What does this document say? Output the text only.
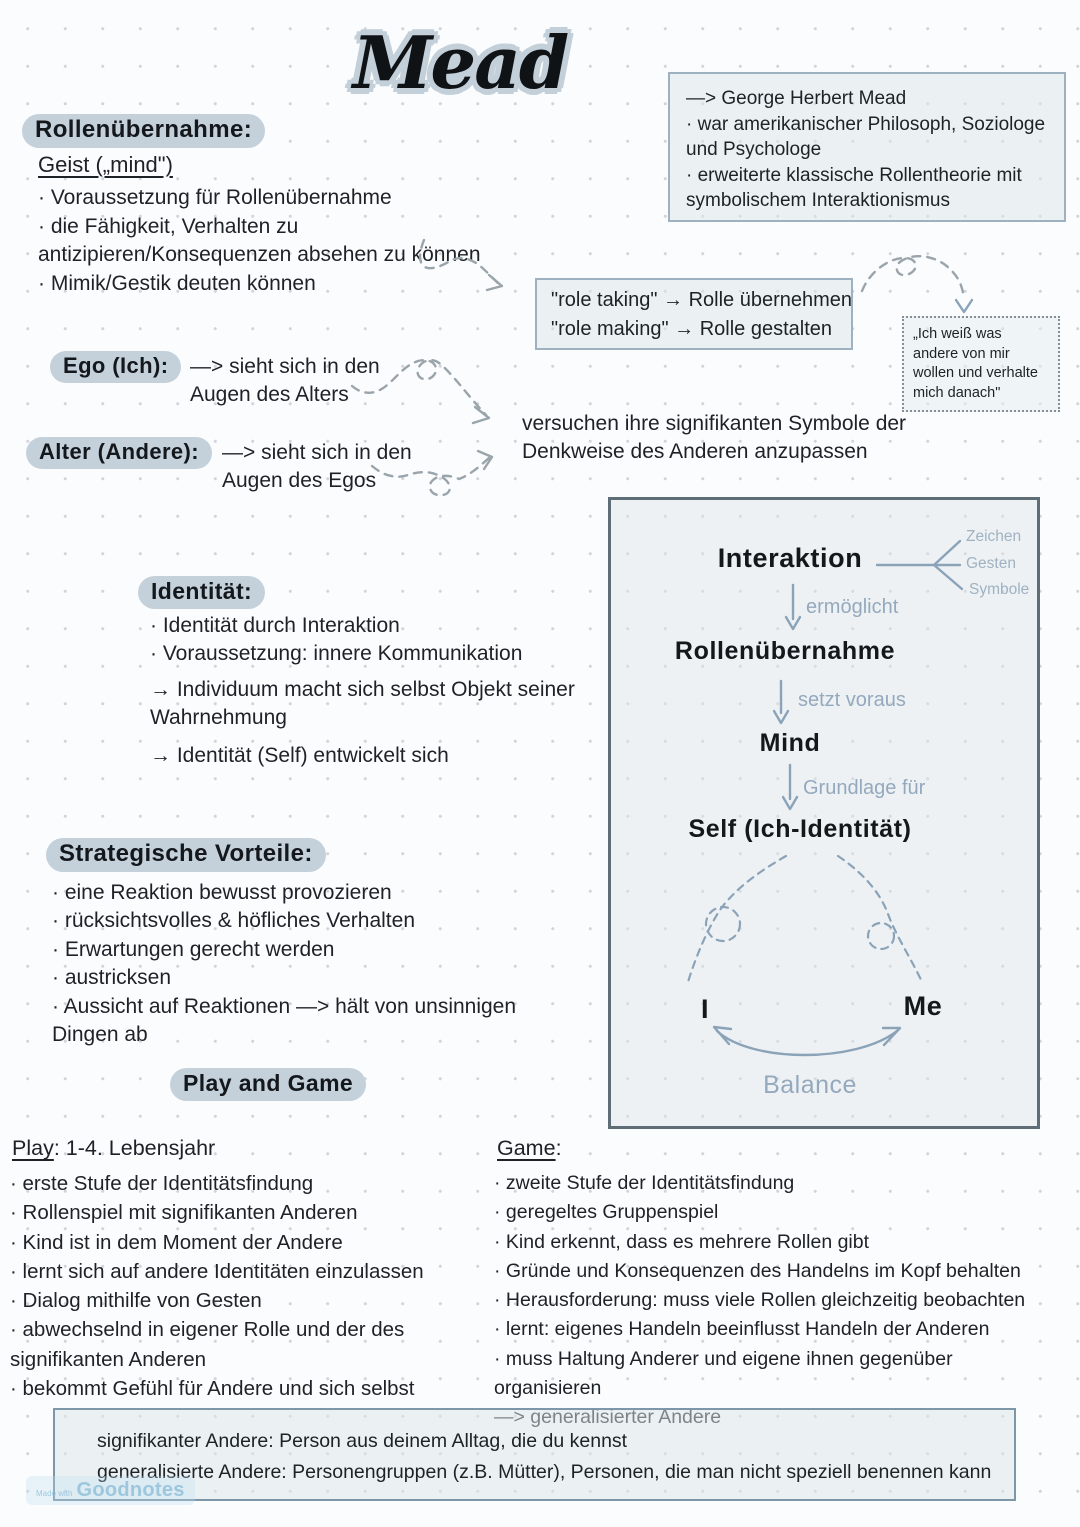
Mead	—> George Herbert Mead
· war amerikanischer Philosoph, Soziologe und Psychologe
· erweiterte klassische Rollentheorie mit symbolischem Interaktionismus
Rollenübernahme:
Geist („mind")
· Voraussetzung für Rollenübernahme
· die Fähigkeit, Verhalten zu antizipieren/Konsequenzen absehen zu können
· Mimik/Gestik deuten können
"role taking" → Rolle übernehmen
"role making" → Rolle gestalten	„Ich weiß was andere von mir wollen und verhalte mich danach"
Ego (Ich):	—> sieht sich in den Augen des Alters
Alter (Andere):	—> sieht sich in den Augen des Egos
versuchen ihre signifikanten Symbole der Denkweise des Anderen anzupassen
Identität:
· Identität durch Interaktion
· Voraussetzung: innere Kommunikation
→ Individuum macht sich selbst Objekt seiner Wahrnehmung
→ Identität (Self) entwickelt sich
Interaktion
Zeichen
Gesten
Symbole
ermöglicht
Rollenübernahme
setzt voraus
Mind
Grundlage für
Self (Ich-Identität)
I	Me
Balance
Strategische Vorteile:
· eine Reaktion bewusst provozieren
· rücksichtsvolles & höfliches Verhalten
· Erwartungen gerecht werden
· austricksen
· Aussicht auf Reaktionen —> hält von unsinnigen Dingen ab
Play and Game
Play: 1-4. Lebensjahr
· erste Stufe der Identitätsfindung
· Rollenspiel mit signifikanten Anderen
· Kind ist in dem Moment der Andere
· lernt sich auf andere Identitäten einzulassen
· Dialog mithilfe von Gesten
· abwechselnd in eigener Rolle und der des signifikanten Anderen
· bekommt Gefühl für Andere und sich selbst
Game:
· zweite Stufe der Identitätsfindung
· geregeltes Gruppenspiel
· Kind erkennt, dass es mehrere Rollen gibt
· Gründe und Konsequenzen des Handelns im Kopf behalten
· Herausforderung: muss viele Rollen gleichzeitig beobachten
· lernt: eigenes Handeln beeinflusst Handeln der Anderen
· muss Haltung Anderer und eigene ihnen gegenüber organisieren
signifikanter Andere: Person aus deinem Alltag, die du kennst
generalisierte Andere: Personengruppen (z.B. Mütter), Personen, die man nicht speziell benennen kann
Made with Goodnotes
